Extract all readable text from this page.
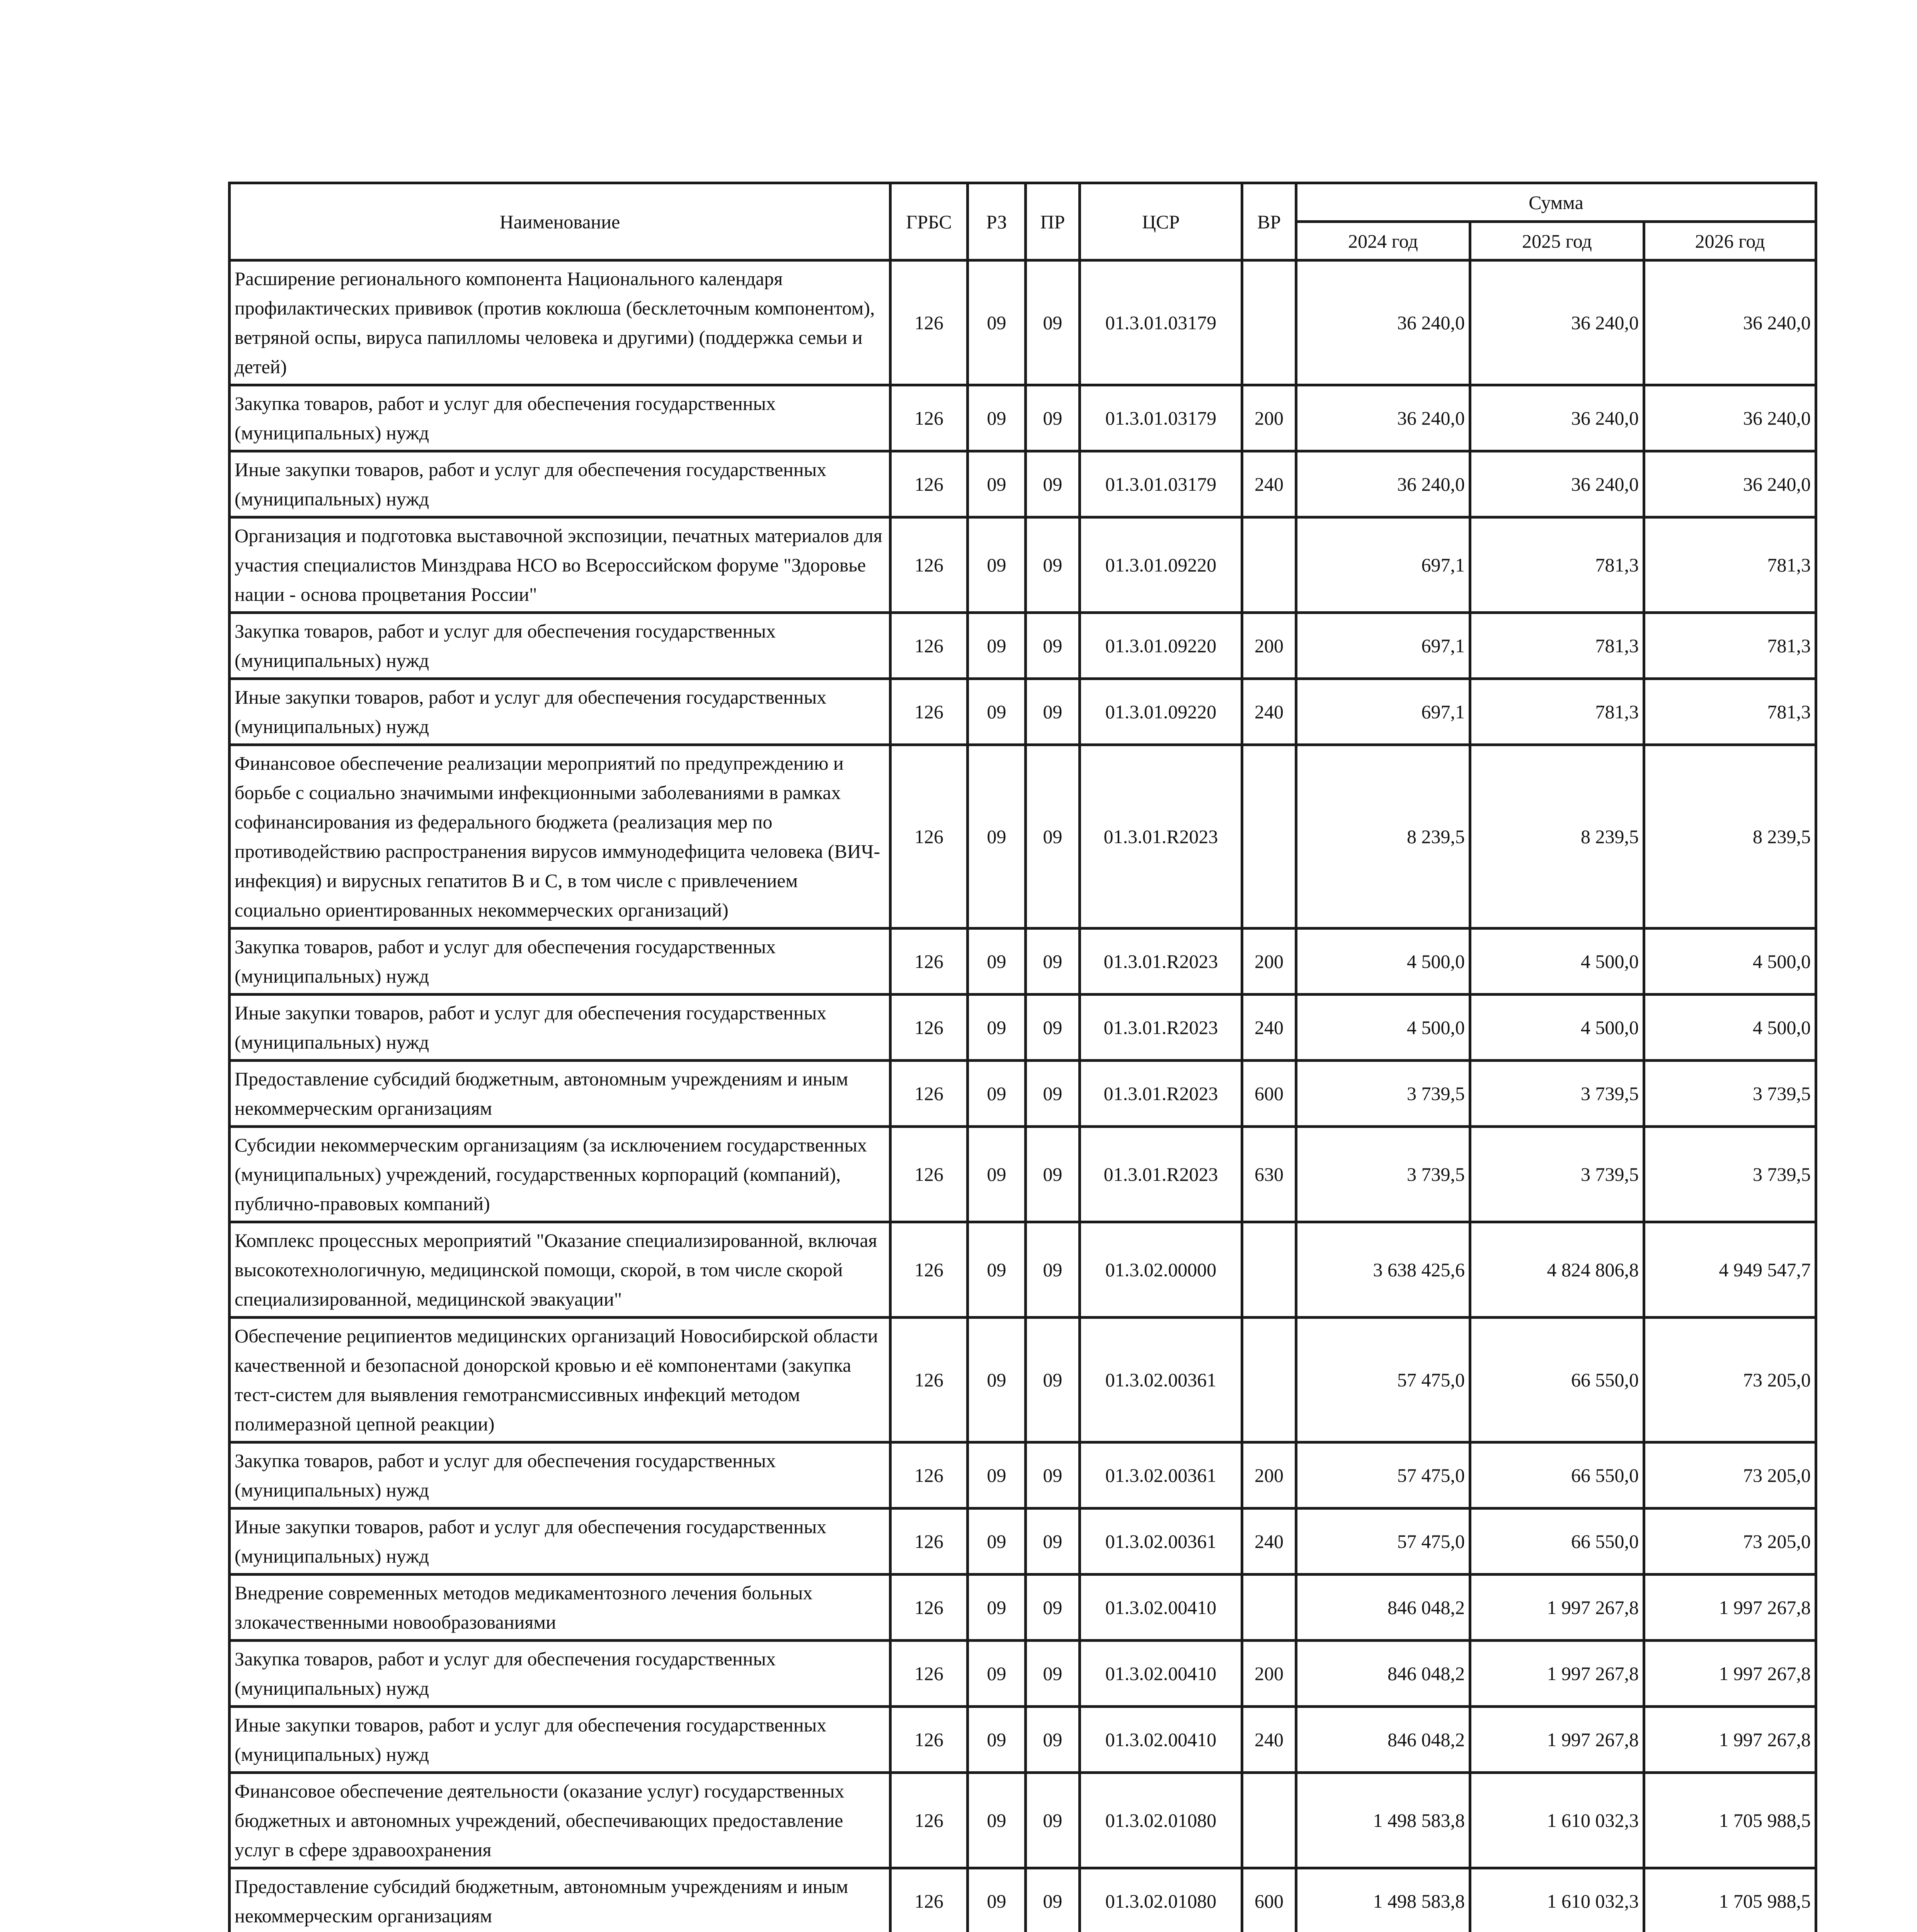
Наименование	ГРБС	РЗ	ПР	ЦСР	ВР	Сумма		
						2024 год	2025 год	2026 год
Расширение регионального компонента Национального календаря профилактических прививок (против коклюша (бесклеточным компонентом), ветряной оспы, вируса папилломы человека и другими) (поддержка семьи и детей)	126	09	09	01.3.01.03179		36 240,0	36 240,0	36 240,0
Закупка товаров, работ и услуг для обеспечения государственных (муниципальных) нужд	126	09	09	01.3.01.03179	200	36 240,0	36 240,0	36 240,0
Иные закупки товаров, работ и услуг для обеспечения государственных (муниципальных) нужд	126	09	09	01.3.01.03179	240	36 240,0	36 240,0	36 240,0
Организация и подготовка выставочной экспозиции, печатных материалов для участия специалистов Минздрава НСО во Всероссийском форуме "Здоровье нации - основа процветания России"	126	09	09	01.3.01.09220		697,1	781,3	781,3
Закупка товаров, работ и услуг для обеспечения государственных (муниципальных) нужд	126	09	09	01.3.01.09220	200	697,1	781,3	781,3
Иные закупки товаров, работ и услуг для обеспечения государственных (муниципальных) нужд	126	09	09	01.3.01.09220	240	697,1	781,3	781,3
Финансовое обеспечение реализации мероприятий по предупреждению и борьбе с социально значимыми инфекционными заболеваниями в рамках софинансирования из федерального бюджета (реализация мер по противодействию распространения вирусов иммунодефицита человека (ВИЧ-инфекция) и вирусных гепатитов В и С, в том числе с привлечением социально ориентированных некоммерческих организаций)	126	09	09	01.3.01.R2023		8 239,5	8 239,5	8 239,5
Закупка товаров, работ и услуг для обеспечения государственных (муниципальных) нужд	126	09	09	01.3.01.R2023	200	4 500,0	4 500,0	4 500,0
Иные закупки товаров, работ и услуг для обеспечения государственных (муниципальных) нужд	126	09	09	01.3.01.R2023	240	4 500,0	4 500,0	4 500,0
Предоставление субсидий бюджетным, автономным учреждениям и иным некоммерческим организациям	126	09	09	01.3.01.R2023	600	3 739,5	3 739,5	3 739,5
Субсидии некоммерческим организациям (за исключением государственных (муниципальных) учреждений, государственных корпораций (компаний), публично-правовых компаний)	126	09	09	01.3.01.R2023	630	3 739,5	3 739,5	3 739,5
Комплекс процессных мероприятий "Оказание специализированной, включая высокотехнологичную, медицинской помощи, скорой, в том числе скорой специализированной, медицинской эвакуации"	126	09	09	01.3.02.00000		3 638 425,6	4 824 806,8	4 949 547,7
Обеспечение реципиентов медицинских организаций Новосибирской области качественной и безопасной донорской кровью и её компонентами (закупка тест-систем для выявления гемотрансмиссивных инфекций методом полимеразной цепной реакции)	126	09	09	01.3.02.00361		57 475,0	66 550,0	73 205,0
Закупка товаров, работ и услуг для обеспечения государственных (муниципальных) нужд	126	09	09	01.3.02.00361	200	57 475,0	66 550,0	73 205,0
Иные закупки товаров, работ и услуг для обеспечения государственных (муниципальных) нужд	126	09	09	01.3.02.00361	240	57 475,0	66 550,0	73 205,0
Внедрение современных методов медикаментозного лечения больных злокачественными новообразованиями	126	09	09	01.3.02.00410		846 048,2	1 997 267,8	1 997 267,8
Закупка товаров, работ и услуг для обеспечения государственных (муниципальных) нужд	126	09	09	01.3.02.00410	200	846 048,2	1 997 267,8	1 997 267,8
Иные закупки товаров, работ и услуг для обеспечения государственных (муниципальных) нужд	126	09	09	01.3.02.00410	240	846 048,2	1 997 267,8	1 997 267,8
Финансовое обеспечение деятельности (оказание услуг) государственных бюджетных и автономных учреждений, обеспечивающих предоставление услуг в сфере здравоохранения	126	09	09	01.3.02.01080		1 498 583,8	1 610 032,3	1 705 988,5
Предоставление субсидий бюджетным, автономным учреждениям и иным некоммерческим организациям	126	09	09	01.3.02.01080	600	1 498 583,8	1 610 032,3	1 705 988,5
